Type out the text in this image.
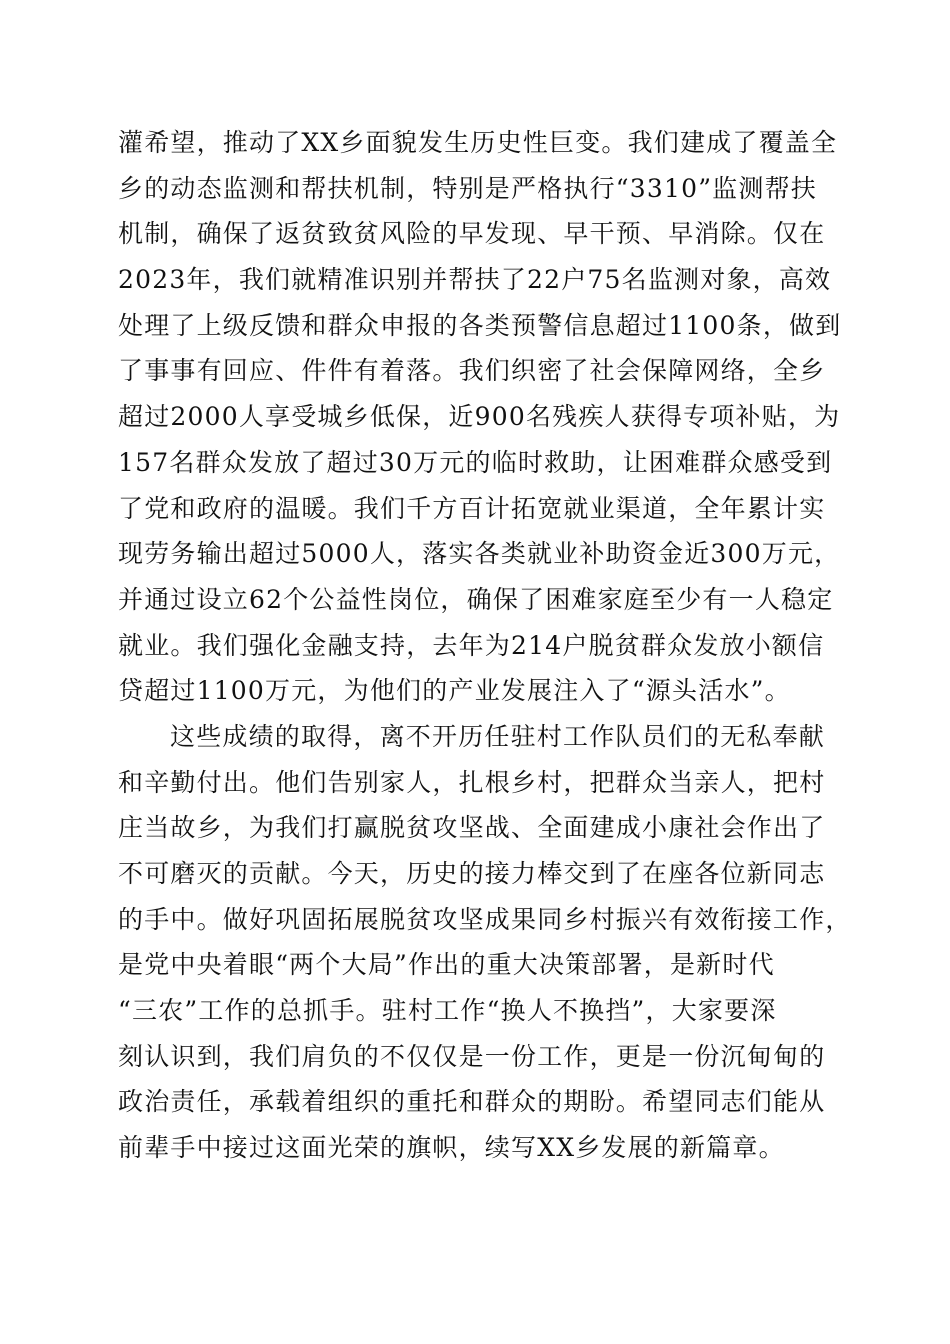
灌希望，推动了XX乡面貌发生历史性巨变。我们建成了覆盖全
乡的动态监测和帮扶机制，特别是严格执行“3310”监测帮扶
机制，确保了返贫致贫风险的早发现、早干预、早消除。仅在
2023年，我们就精准识别并帮扶了22户75名监测对象，高效
处理了上级反馈和群众申报的各类预警信息超过1100条，做到
了事事有回应、件件有着落。我们织密了社会保障网络，全乡
超过2000人享受城乡低保，近900名残疾人获得专项补贴，为
157名群众发放了超过30万元的临时救助，让困难群众感受到
了党和政府的温暖。我们千方百计拓宽就业渠道，全年累计实
现劳务输出超过5000人，落实各类就业补助资金近300万元，
并通过设立62个公益性岗位，确保了困难家庭至少有一人稳定
就业。我们强化金融支持，去年为214户脱贫群众发放小额信
贷超过1100万元，为他们的产业发展注入了“源头活水”。
这些成绩的取得，离不开历任驻村工作队员们的无私奉献
和辛勤付出。他们告别家人，扎根乡村，把群众当亲人，把村
庄当故乡，为我们打赢脱贫攻坚战、全面建成小康社会作出了
不可磨灭的贡献。今天，历史的接力棒交到了在座各位新同志
的手中。做好巩固拓展脱贫攻坚成果同乡村振兴有效衔接工作，
是党中央着眼“两个大局”作出的重大决策部署，是新时代
“三农”工作的总抓手。驻村工作“换人不换挡”，大家要深
刻认识到，我们肩负的不仅仅是一份工作，更是一份沉甸甸的
政治责任，承载着组织的重托和群众的期盼。希望同志们能从
前辈手中接过这面光荣的旗帜，续写XX乡发展的新篇章。
